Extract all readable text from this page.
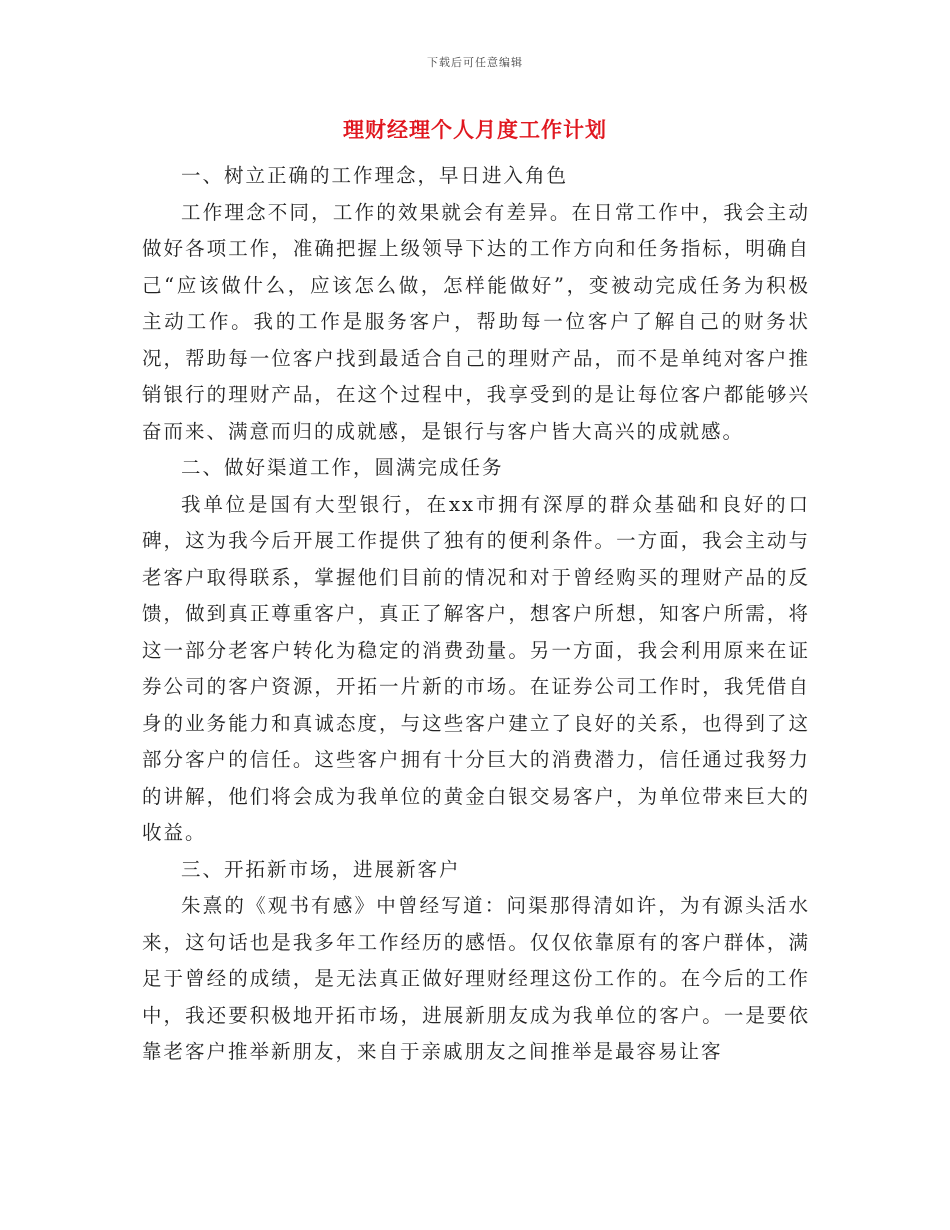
下载后可任意编辑
理财经理个人月度工作计划

一、树立正确的工作理念，早日进入角色

工作理念不同，工作的效果就会有差异。在日常工作中，我会主动做好各项工作，准确把握上级领导下达的工作方向和任务指标，明确自己“应该做什么，应该怎么做，怎样能做好”，变被动完成任务为积极主动工作。我的工作是服务客户，帮助每一位客户了解自己的财务状况，帮助每一位客户找到最适合自己的理财产品，而不是单纯对客户推销银行的理财产品，在这个过程中，我享受到的是让每位客户都能够兴奋而来、满意而归的成就感，是银行与客户皆大高兴的成就感。

二、做好渠道工作，圆满完成任务

我单位是国有大型银行，在xx市拥有深厚的群众基础和良好的口碑，这为我今后开展工作提供了独有的便利条件。一方面，我会主动与老客户取得联系，掌握他们目前的情况和对于曾经购买的理财产品的反馈，做到真正尊重客户，真正了解客户，想客户所想，知客户所需，将这一部分老客户转化为稳定的消费劲量。另一方面，我会利用原来在证券公司的客户资源，开拓一片新的市场。在证券公司工作时，我凭借自身的业务能力和真诚态度，与这些客户建立了良好的关系，也得到了这部分客户的信任。这些客户拥有十分巨大的消费潜力，信任通过我努力的讲解，他们将会成为我单位的黄金白银交易客户，为单位带来巨大的收益。

三、开拓新市场，进展新客户

朱熹的《观书有感》中曾经写道：问渠那得清如许，为有源头活水来，这句话也是我多年工作经历的感悟。仅仅依靠原有的客户群体，满足于曾经的成绩，是无法真正做好理财经理这份工作的。在今后的工作中，我还要积极地开拓市场，进展新朋友成为我单位的客户。一是要依靠老客户推举新朋友，来自于亲戚朋友之间推举是最容易让客
